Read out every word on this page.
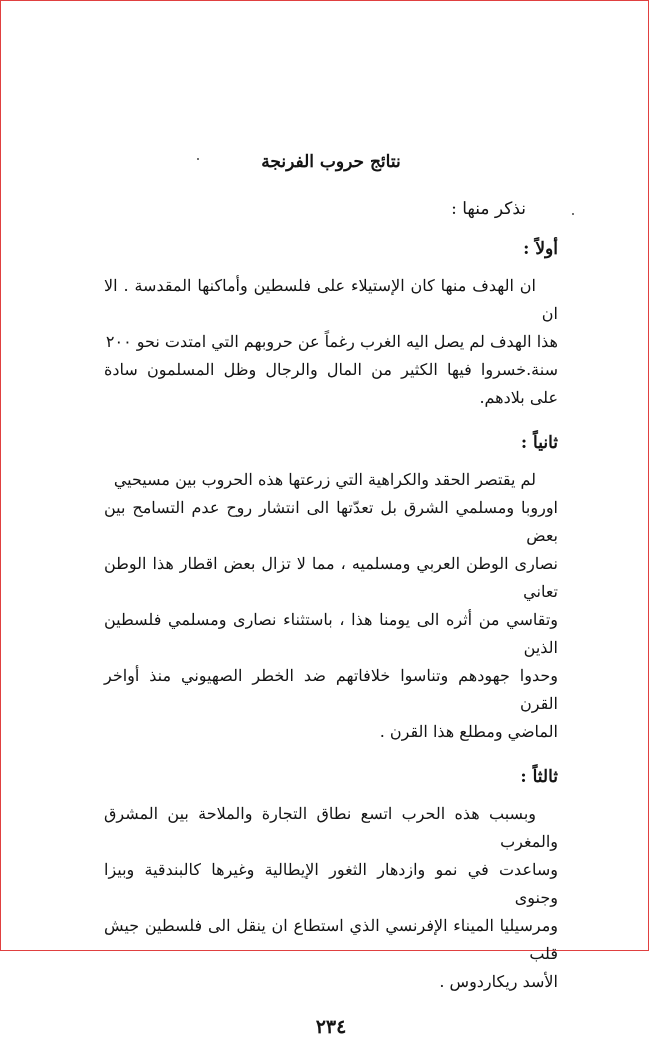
نتائج حروب الفرنجة
نذكر منها :
أولاً :

ان الهدف منها كان الإستيلاء على فلسطين وأماكنها المقدسة . الا ان

هذا الهدف لم يصل اليه الغرب رغماً عن حروبهم التي امتدت نحو ٢٠٠

سنة.خسروا فيها الكثير من المال والرجال وظل المسلمون سادة على بلادهم.

ثانياً :

لم يقتصر الحقد والكراهية التي زرعتها هذه الحروب بين مسيحيي

اوروبا ومسلمي الشرق بل تعدّتها الى انتشار روح عدم التسامح بين بعض

نصارى الوطن العربي ومسلميه ، مما لا تزال بعض اقطار هذا الوطن تعاني

وتقاسي من أثره الى يومنا هذا ، باستثناء نصارى ومسلمي فلسطين الذين

وحدوا جهودهم وتناسوا خلافاتهم ضد الخطر الصهيوني منذ أواخر القرن

الماضي ومطلع هذا القرن .

ثالثاً :

وبسبب هذه الحرب اتسع نطاق التجارة والملاحة بين المشرق والمغرب

وساعدت في نمو وازدهار الثغور الإيطالية وغيرها كالبندقية وبيزا وجنوى

ومرسيليا الميناء الإفرنسي الذي استطاع ان ينقل الى فلسطين جيش قلب

الأسد ريكاردوس .

٢٣٤
